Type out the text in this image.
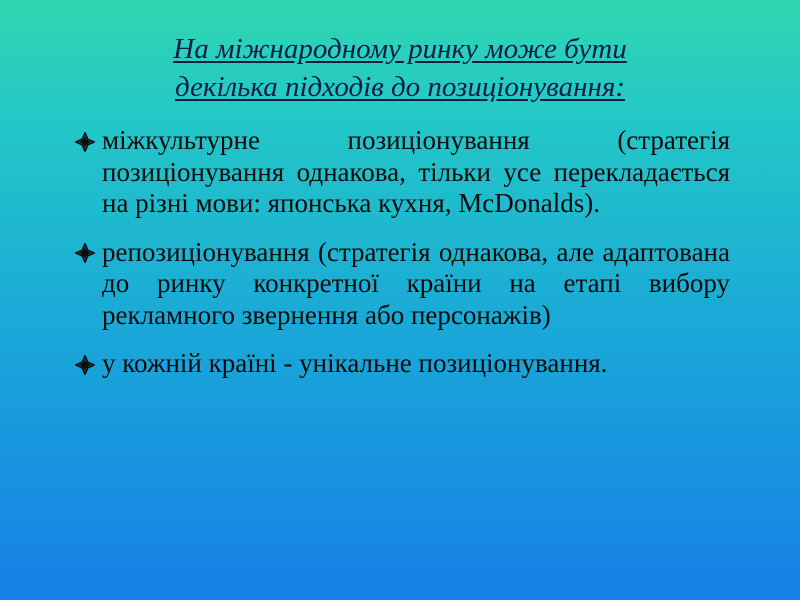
На міжнародному ринку може бути
декілька підходів до позиціонування:
міжкультурне позиціонування (стратегія позиціонування однакова, тільки усе перекладається на різні мови: японська кухня, McDonalds).
репозиціонування (стратегія однакова, але адаптована до ринку конкретної країни на етапі вибору рекламного звернення або персонажів)
у кожній країні - унікальне позиціонування.
